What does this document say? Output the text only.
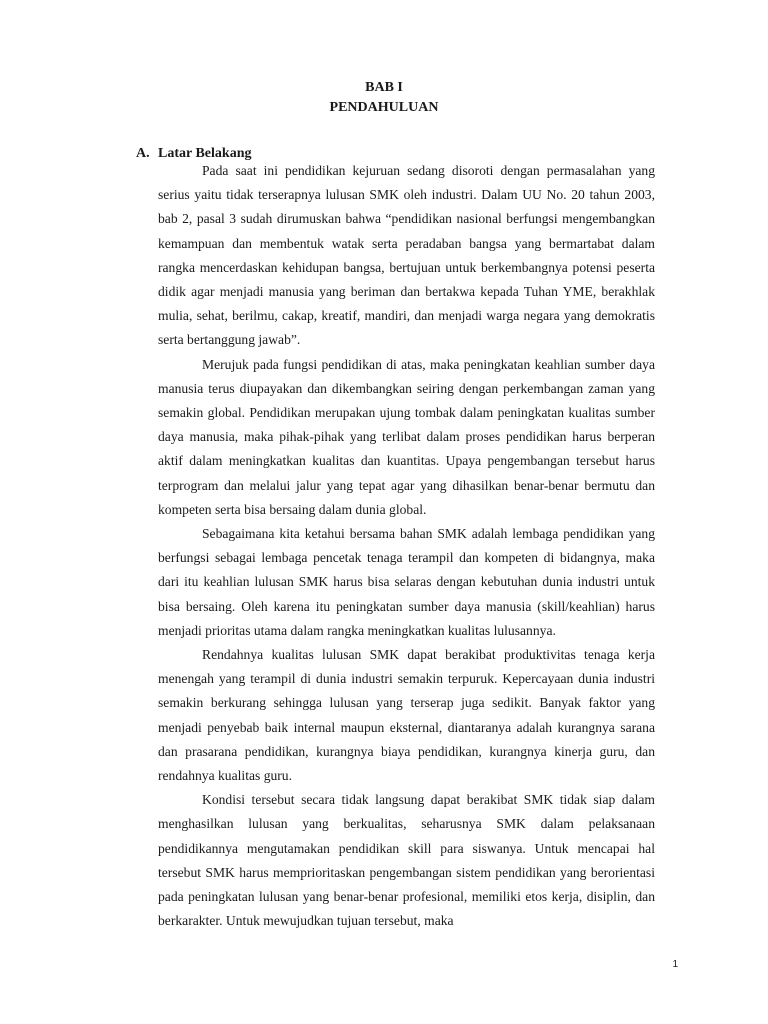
BAB I
PENDAHULUAN
A. Latar Belakang

Pada saat ini pendidikan kejuruan sedang disoroti dengan permasalahan yang serius yaitu tidak terserapnya lulusan SMK oleh industri. Dalam UU No. 20 tahun 2003, bab 2, pasal 3 sudah dirumuskan bahwa “pendidikan nasional berfungsi mengembangkan kemampuan dan membentuk watak serta peradaban bangsa yang bermartabat dalam rangka mencerdaskan kehidupan bangsa, bertujuan untuk berkembangnya potensi peserta didik agar menjadi manusia yang beriman dan bertakwa kepada Tuhan YME, berakhlak mulia, sehat, berilmu, cakap, kreatif, mandiri, dan menjadi warga negara yang demokratis serta bertanggung jawab”.

Merujuk pada fungsi pendidikan di atas, maka peningkatan keahlian sumber daya manusia terus diupayakan dan dikembangkan seiring dengan perkembangan zaman yang semakin global. Pendidikan merupakan ujung tombak dalam peningkatan kualitas sumber daya manusia, maka pihak-pihak yang terlibat dalam proses pendidikan harus berperan aktif dalam meningkatkan kualitas dan kuantitas. Upaya pengembangan tersebut harus terprogram dan melalui jalur yang tepat agar yang dihasilkan benar-benar bermutu dan kompeten serta bisa bersaing dalam dunia global.

Sebagaimana kita ketahui bersama bahan SMK adalah lembaga pendidikan yang berfungsi sebagai lembaga pencetak tenaga terampil dan kompeten di bidangnya, maka dari itu keahlian lulusan SMK harus bisa selaras dengan kebutuhan dunia industri untuk bisa bersaing. Oleh karena itu peningkatan sumber daya manusia (skill/keahlian) harus menjadi prioritas utama dalam rangka meningkatkan kualitas lulusannya.

Rendahnya kualitas lulusan SMK dapat berakibat produktivitas tenaga kerja menengah yang terampil di dunia industri semakin terpuruk. Kepercayaan dunia industri semakin berkurang sehingga lulusan yang terserap juga sedikit. Banyak faktor yang menjadi penyebab baik internal maupun eksternal, diantaranya adalah kurangnya sarana dan prasarana pendidikan, kurangnya biaya pendidikan, kurangnya kinerja guru, dan rendahnya kualitas guru.

Kondisi tersebut secara tidak langsung dapat berakibat SMK tidak siap dalam menghasilkan lulusan yang berkualitas, seharusnya SMK dalam pelaksanaan pendidikannya mengutamakan pendidikan skill para siswanya. Untuk mencapai hal tersebut SMK harus memprioritaskan pengembangan sistem pendidikan yang berorientasi pada peningkatan lulusan yang benar-benar profesional, memiliki etos kerja, disiplin, dan berkarakter. Untuk mewujudkan tujuan tersebut, maka

1
